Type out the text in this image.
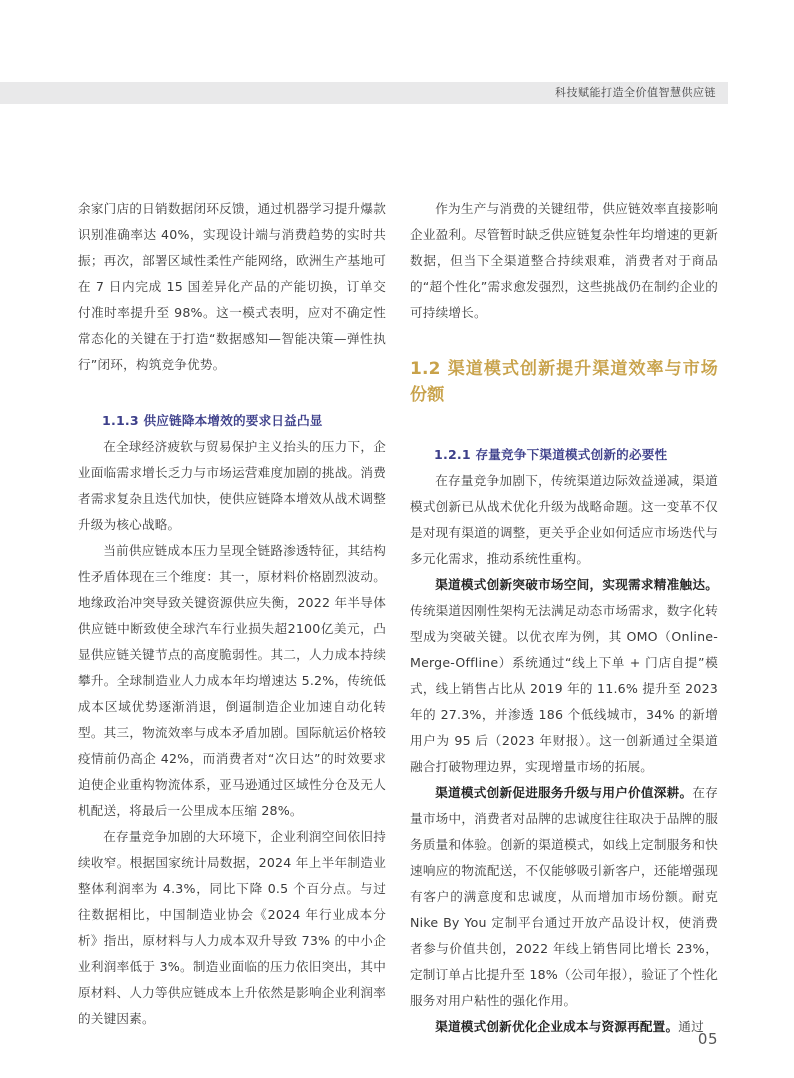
科技赋能打造全价值智慧供应链

余家门店的日销数据闭环反馈，通过机器学习提升爆款识别准确率达 40%，实现设计端与消费趋势的实时共振；再次，部署区域性柔性产能网络，欧洲生产基地可在 7 日内完成 15 国差异化产品的产能切换，订单交付准时率提升至 98%。这一模式表明，应对不确定性常态化的关键在于打造“数据感知—智能决策—弹性执行”闭环，构筑竞争优势。

1.1.3 供应链降本增效的要求日益凸显

在全球经济疲软与贸易保护主义抬头的压力下，企业面临需求增长乏力与市场运营难度加剧的挑战。消费者需求复杂且迭代加快，使供应链降本增效从战术调整升级为核心战略。

当前供应链成本压力呈现全链路渗透特征，其结构性矛盾体现在三个维度：其一，原材料价格剧烈波动。地缘政治冲突导致关键资源供应失衡，2022 年半导体供应链中断致使全球汽车行业损失超2100亿美元，凸显供应链关键节点的高度脆弱性。其二，人力成本持续攀升。全球制造业人力成本年均增速达 5.2%，传统低成本区域优势逐渐消退，倒逼制造企业加速自动化转型。其三，物流效率与成本矛盾加剧。国际航运价格较疫情前仍高企 42%，而消费者对“次日达”的时效要求迫使企业重构物流体系，亚马逊通过区域性分仓及无人机配送，将最后一公里成本压缩 28%。

在存量竞争加剧的大环境下，企业利润空间依旧持续收窄。根据国家统计局数据，2024 年上半年制造业整体利润率为 4.3%，同比下降 0.5 个百分点。与过往数据相比，中国制造业协会《2024 年行业成本分析》指出，原材料与人力成本双升导致 73% 的中小企业利润率低于 3%。制造业面临的压力依旧突出，其中原材料、人力等供应链成本上升依然是影响企业利润率的关键因素。

作为生产与消费的关键纽带，供应链效率直接影响企业盈利。尽管暂时缺乏供应链复杂性年均增速的更新数据，但当下全渠道整合持续艰难，消费者对于商品的“超个性化”需求愈发强烈，这些挑战仍在制约企业的可持续增长。

1.2 渠道模式创新提升渠道效率与市场份额
1.2.1 存量竞争下渠道模式创新的必要性

在存量竞争加剧下，传统渠道边际效益递减，渠道模式创新已从战术优化升级为战略命题。这一变革不仅是对现有渠道的调整，更关乎企业如何适应市场迭代与多元化需求，推动系统性重构。

渠道模式创新突破市场空间，实现需求精准触达。传统渠道因刚性架构无法满足动态市场需求，数字化转型成为突破关键。以优衣库为例，其 OMO（Online-Merge-Offline）系统通过“线上下单 + 门店自提”模式，线上销售占比从 2019 年的 11.6% 提升至 2023 年的 27.3%，并渗透 186 个低线城市，34% 的新增用户为 95 后（2023 年财报）。这一创新通过全渠道融合打破物理边界，实现增量市场的拓展。

渠道模式创新促进服务升级与用户价值深耕。在存量市场中，消费者对品牌的忠诚度往往取决于品牌的服务质量和体验。创新的渠道模式，如线上定制服务和快速响应的物流配送，不仅能够吸引新客户，还能增强现有客户的满意度和忠诚度，从而增加市场份额。耐克 Nike By You 定制平台通过开放产品设计权，使消费者参与价值共创，2022 年线上销售同比增长 23%，定制订单占比提升至 18%（公司年报），验证了个性化服务对用户粘性的强化作用。

渠道模式创新优化企业成本与资源再配置。通过

05
